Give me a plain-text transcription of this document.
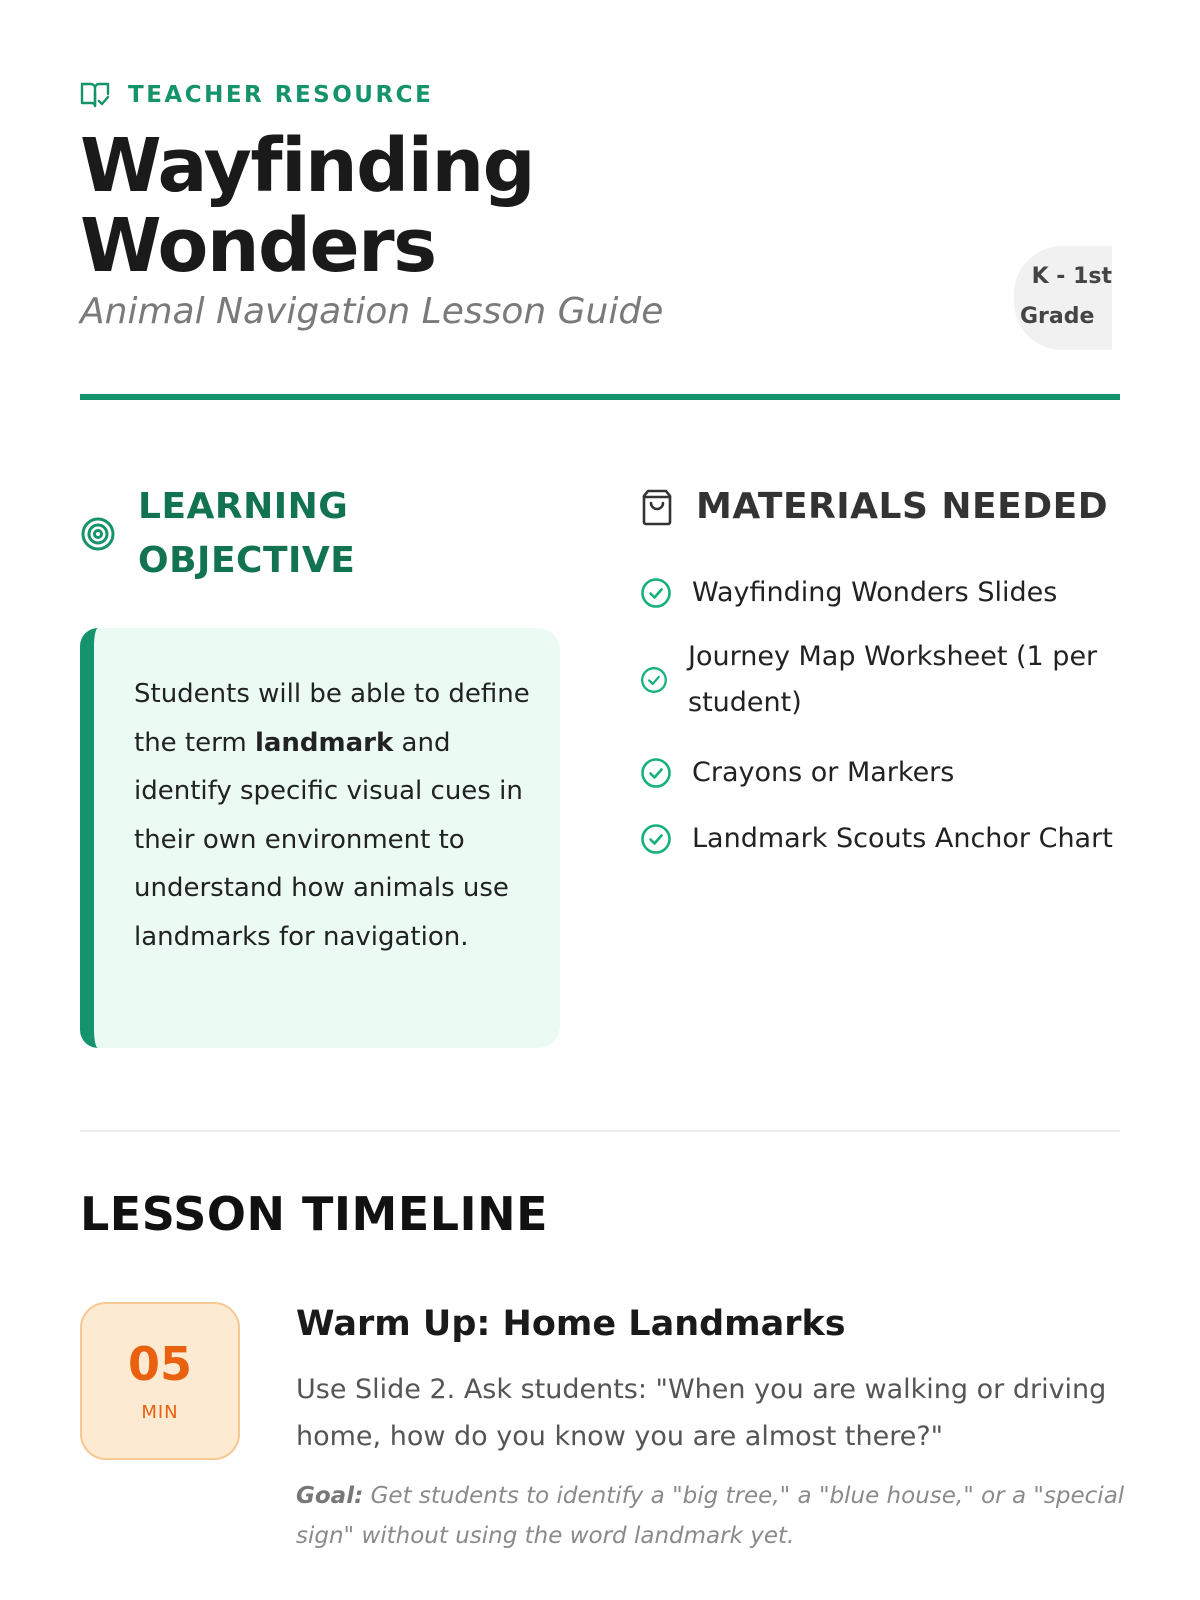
TEACHER RESOURCE
Wayfinding
Wonders
Animal Navigation Lesson Guide
K - 1st
Grade
LEARNING
OBJECTIVE

Students will be able to define the term landmark and identify specific visual cues in their own environment to understand how animals use landmarks for navigation.

MATERIALS NEEDED
Wayfinding Wonders Slides
Journey Map Worksheet (1 per student)
Crayons or Markers
Landmark Scouts Anchor Chart
LESSON TIMELINE
05
MIN
Warm Up: Home Landmarks

Use Slide 2. Ask students: "When you are walking or driving home, how do you know you are almost there?"

Goal: Get students to identify a "big tree," a "blue house," or a "special sign" without using the word landmark yet.
